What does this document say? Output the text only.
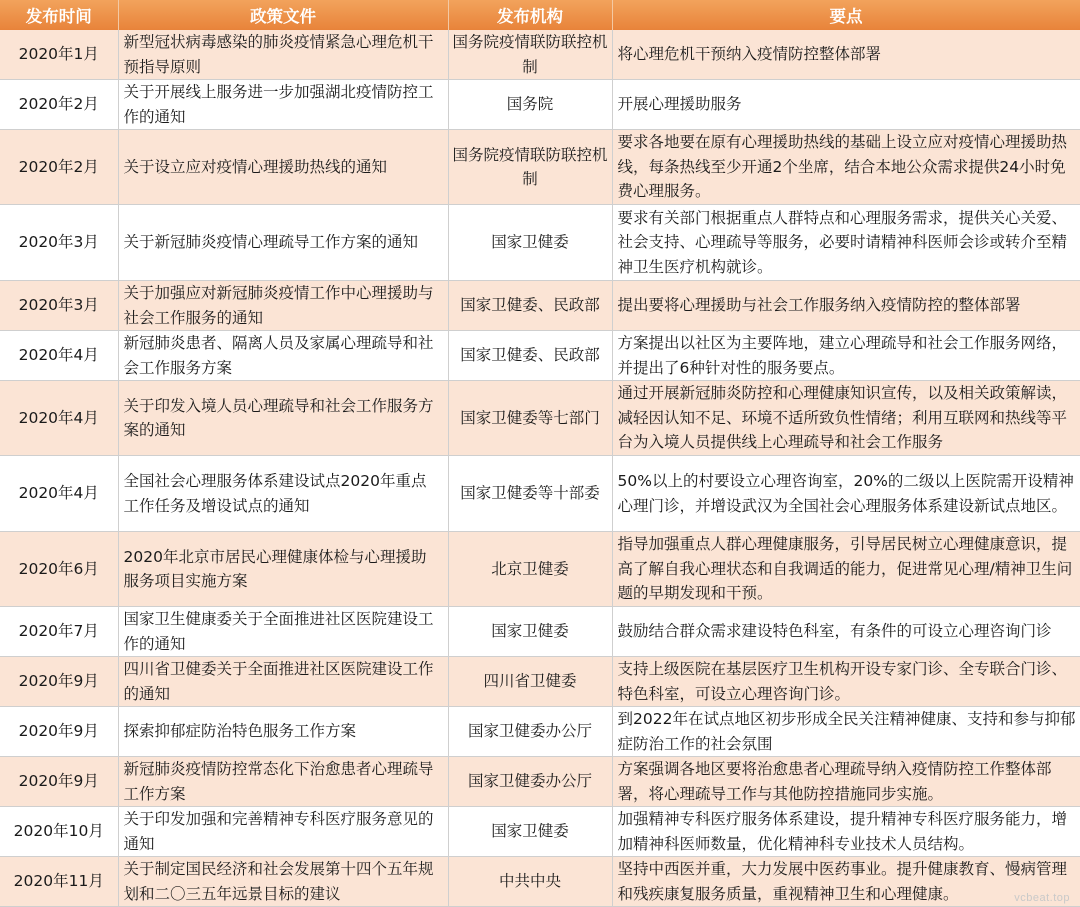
发布时间	政策文件	发布机构	要点
2020年1月	新型冠状病毒感染的肺炎疫情紧急心理危机干预指导原则	国务院疫情联防联控机制	将心理危机干预纳入疫情防控整体部署
2020年2月	关于开展线上服务进一步加强湖北疫情防控工作的通知	国务院	开展心理援助服务
2020年2月	关于设立应对疫情心理援助热线的通知	国务院疫情联防联控机制	要求各地要在原有心理援助热线的基础上设立应对疫情心理援助热线，每条热线至少开通2个坐席，结合本地公众需求提供24小时免费心理服务。
2020年3月	关于新冠肺炎疫情心理疏导工作方案的通知	国家卫健委	要求有关部门根据重点人群特点和心理服务需求，提供关心关爱、社会支持、心理疏导等服务，必要时请精神科医师会诊或转介至精神卫生医疗机构就诊。
2020年3月	关于加强应对新冠肺炎疫情工作中心理援助与社会工作服务的通知	国家卫健委、民政部	提出要将心理援助与社会工作服务纳入疫情防控的整体部署
2020年4月	新冠肺炎患者、隔离人员及家属心理疏导和社会工作服务方案	国家卫健委、民政部	方案提出以社区为主要阵地，建立心理疏导和社会工作服务网络，并提出了6种针对性的服务要点。
2020年4月	关于印发入境人员心理疏导和社会工作服务方案的通知	国家卫健委等七部门	通过开展新冠肺炎防控和心理健康知识宣传，以及相关政策解读，减轻因认知不足、环境不适所致负性情绪；利用互联网和热线等平台为入境人员提供线上心理疏导和社会工作服务
2020年4月	全国社会心理服务体系建设试点2020年重点工作任务及增设试点的通知	国家卫健委等十部委	50%以上的村要设立心理咨询室，20%的二级以上医院需开设精神心理门诊，并增设武汉为全国社会心理服务体系建设新试点地区。
2020年6月	2020年北京市居民心理健康体检与心理援助服务项目实施方案	北京卫健委	指导加强重点人群心理健康服务，引导居民树立心理健康意识，提高了解自我心理状态和自我调适的能力，促进常见心理/精神卫生问题的早期发现和干预。
2020年7月	国家卫生健康委关于全面推进社区医院建设工作的通知	国家卫健委	鼓励结合群众需求建设特色科室，有条件的可设立心理咨询门诊
2020年9月	四川省卫健委关于全面推进社区医院建设工作的通知	四川省卫健委	支持上级医院在基层医疗卫生机构开设专家门诊、全专联合门诊、特色科室，可设立心理咨询门诊。
2020年9月	探索抑郁症防治特色服务工作方案	国家卫健委办公厅	到2022年在试点地区初步形成全民关注精神健康、支持和参与抑郁症防治工作的社会氛围
2020年9月	新冠肺炎疫情防控常态化下治愈患者心理疏导工作方案	国家卫健委办公厅	方案强调各地区要将治愈患者心理疏导纳入疫情防控工作整体部署，将心理疏导工作与其他防控措施同步实施。
2020年10月	关于印发加强和完善精神专科医疗服务意见的通知	国家卫健委	加强精神专科医疗服务体系建设，提升精神专科医疗服务能力，增加精神科医师数量，优化精神科专业技术人员结构。
2020年11月	关于制定国民经济和社会发展第十四个五年规划和二〇三五年远景目标的建议	中共中央	坚持中西医并重，大力发展中医药事业。提升健康教育、慢病管理和残疾康复服务质量，重视精神卫生和心理健康。	vcbeat.top
